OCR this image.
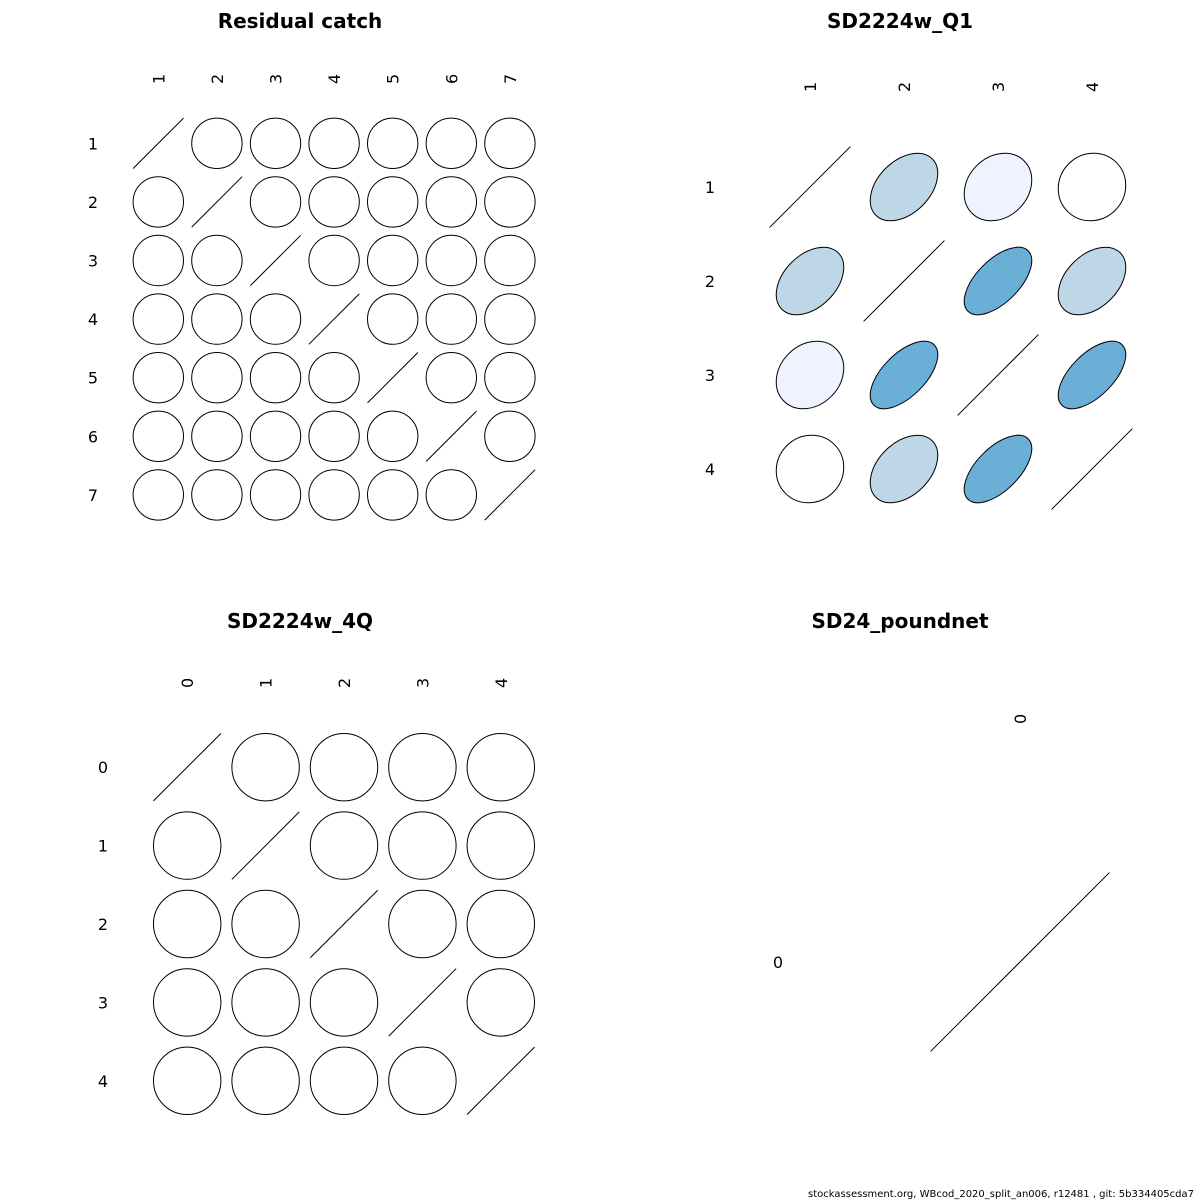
Residual catch
1
1
2
2
3
3
4
4
5
5
6
6
7
7
SD2224w_Q1
1
1
2
2
3
3
4
4
SD2224w_4Q
0
0
1
1
2
2
3
3
4
4
SD24_poundnet
0
0
stockassessment.org, WBcod_2020_split_an006, r12481 , git: 5b334405cda7
